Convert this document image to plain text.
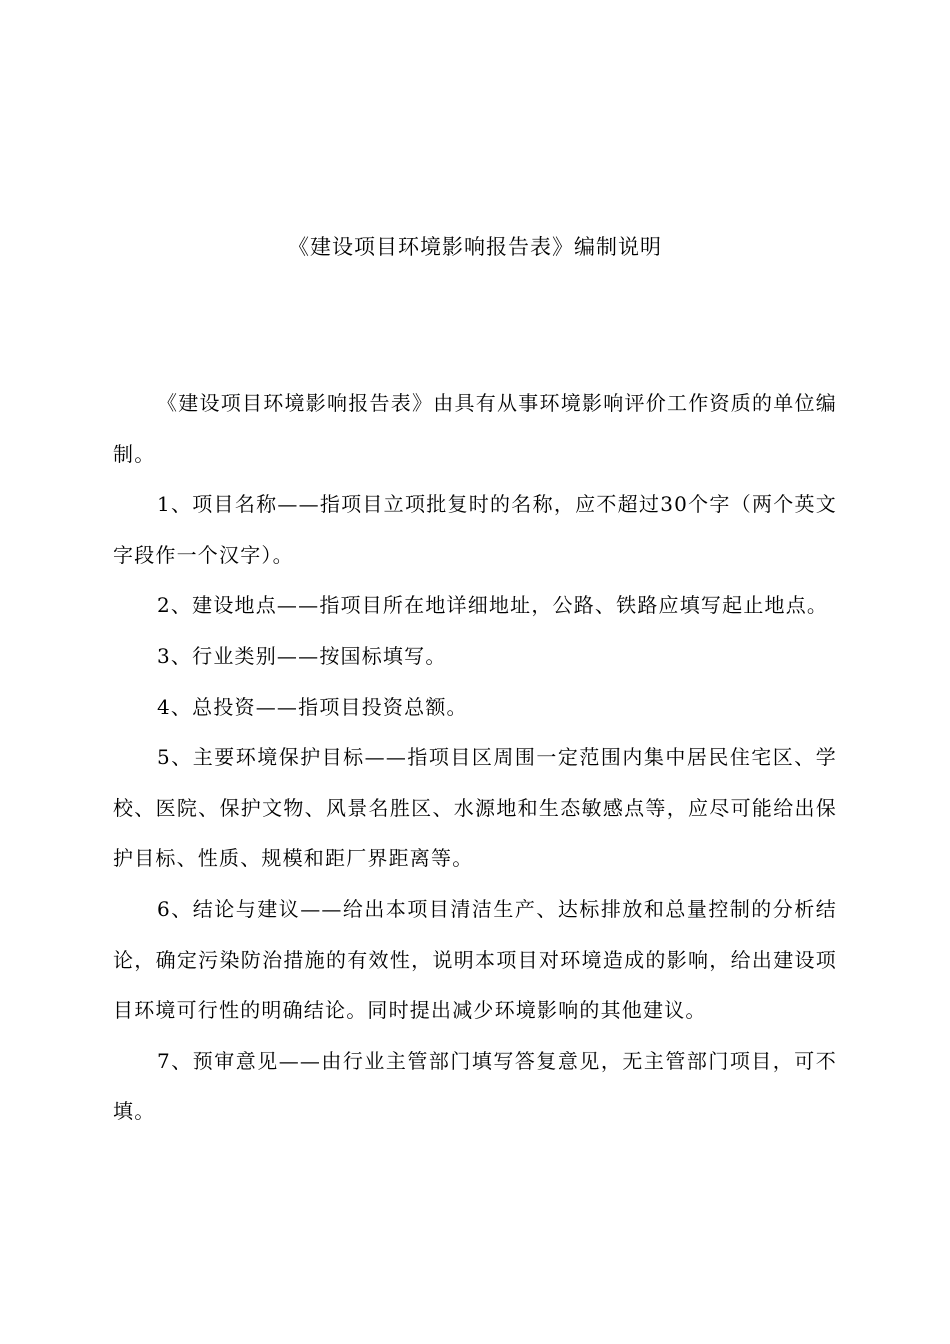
《建设项目环境影响报告表》编制说明

《建设项目环境影响报告表》由具有从事环境影响评价工作资质的单位编制。

1、项目名称——指项目立项批复时的名称，应不超过30个字（两个英文字段作一个汉字）。

2、建设地点——指项目所在地详细地址，公路、铁路应填写起止地点。

3、行业类别——按国标填写。

4、总投资——指项目投资总额。

5、主要环境保护目标——指项目区周围一定范围内集中居民住宅区、学校、医院、保护文物、风景名胜区、水源地和生态敏感点等，应尽可能给出保护目标、性质、规模和距厂界距离等。

6、结论与建议——给出本项目清洁生产、达标排放和总量控制的分析结论，确定污染防治措施的有效性，说明本项目对环境造成的影响，给出建设项目环境可行性的明确结论。同时提出减少环境影响的其他建议。

7、预审意见——由行业主管部门填写答复意见，无主管部门项目，可不填。
